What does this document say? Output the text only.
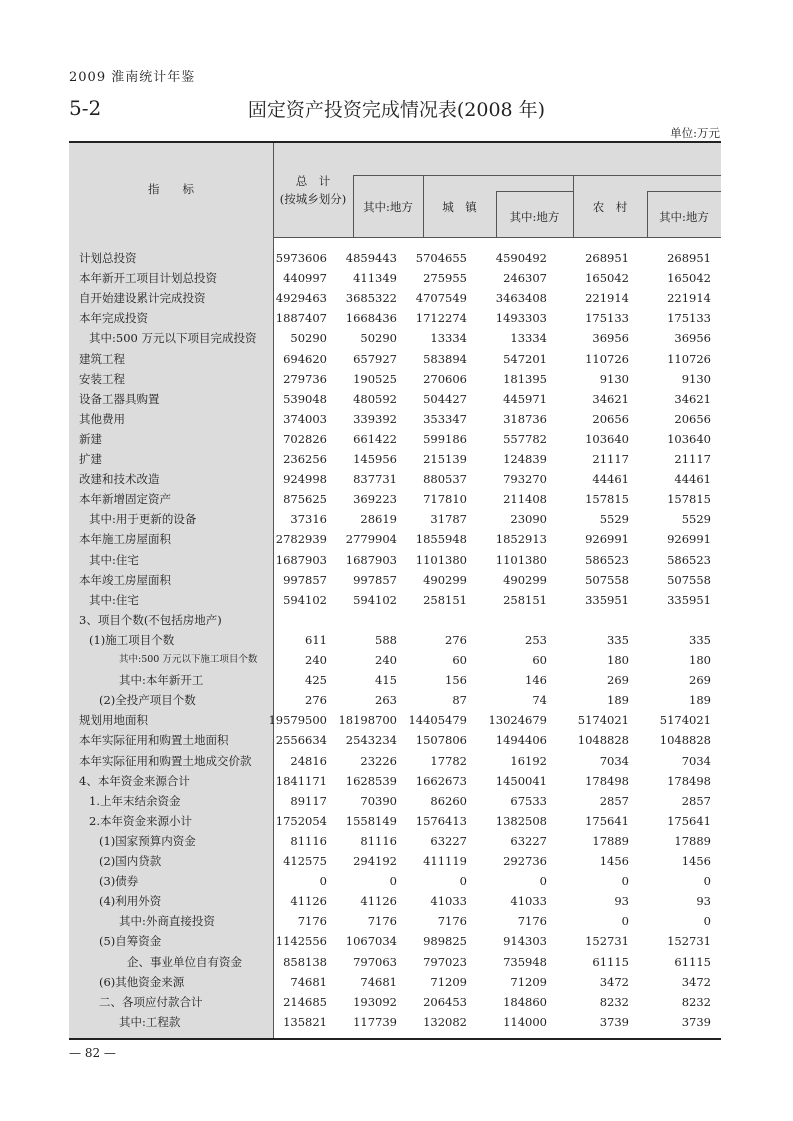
2009 淮南统计年鉴
5-2	固定资产投资完成情况表(2008 年)
单位:万元
指　　标
总　计
(按城乡划分)
其中:地方	城　镇
其中:地方
农　村
其中:地方
计划总投资	5973606 4859443 5704655	4590492	268951	268951
本年新开工项目计划总投资	440997 411349 275955	246307	165042	165042
自开始建设累计完成投资	4929463 3685322 4707549	3463408	221914	221914
本年完成投资	1887407 1668436 1712274	1493303	175133	175133
其中:500 万元以下项目完成投资	50290	50290	13334	13334	36956	36956
建筑工程	694620 657927 583894	547201	110726	110726
安装工程	279736 190525 270606	181395	9130	9130
设备工器具购置	539048 480592 504427	445971	34621	34621
其他费用	374003 339392 353347	318736	20656	20656
新建	702826 661422 599186	557782	103640	103640
扩建	236256 145956 215139	124839	21117	21117
改建和技术改造	924998 837731 880537	793270	44461	44461
本年新增固定资产	875625 369223 717810	211408	157815	157815
其中:用于更新的设备	37316	28619	31787	23090	5529	5529
本年施工房屋面积	2782939 2779904 1855948	1852913	926991	926991
其中:住宅	1687903 1687903 1101380	1101380	586523	586523
本年竣工房屋面积	997857 997857 490299	490299	507558	507558
其中:住宅	594102 594102 258151	258151	335951	335951
3、项目个数(不包括房地产)
(1)施工项目个数	611	588	276	253	335	335
其中:500 万元以下施工项目个数	240	240	60	60	180	180
其中:本年新开工	425	415	156	146	269	269
(2)全投产项目个数	276	263	87	74	189	189
规划用地面积	19579500 18198700 14405479 13024679	5174021	5174021
本年实际征用和购置土地面积	2556634 2543234 1507806	1494406	1048828	1048828
本年实际征用和购置土地成交价款	24816	23226	17782	16192	7034	7034
4、本年资金来源合计	1841171 1628539 1662673	1450041	178498	178498
1.上年末结余资金	89117	70390	86260	67533	2857	2857
2.本年资金来源小计	1752054 1558149 1576413	1382508	175641	175641
(1)国家预算内资金	81116	81116	63227	63227	17889	17889
(2)国内贷款	412575 294192 411119	292736	1456	1456
(3)债券	0	0	0	0	0	0
(4)利用外资	41126	41126	41033	41033	93	93
其中:外商直接投资	7176	7176	7176	7176	0	0
(5)自筹资金	1142556 1067034 989825	914303	152731	152731
企、事业单位自有资金	858138 797063 797023	735948	61115	61115
(6)其他资金来源	74681	74681	71209	71209	3472	3472
二、各项应付款合计	214685 193092 206453	184860	8232	8232
其中:工程款	135821 117739 132082	114000	3739	3739
— 82 —
